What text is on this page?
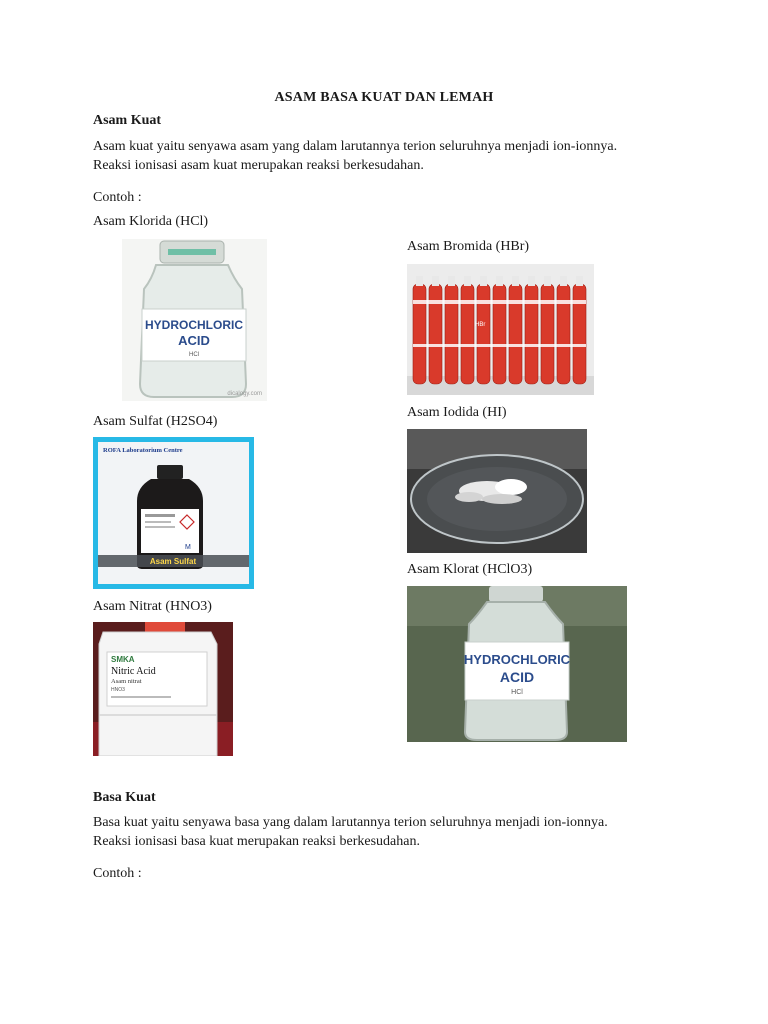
ASAM BASA KUAT DAN LEMAH
Asam Kuat
Asam kuat yaitu senyawa asam yang dalam larutannya terion seluruhnya menjadi ion-ionnya.
Reaksi ionisasi asam kuat merupakan reaksi berkesudahan.
Contoh :
Asam Klorida (HCl)
Asam Bromida (HBr)
Asam Sulfat (H2SO4)
Asam Iodida (HI)
Asam Klorat (HClO3)
Asam Nitrat (HNO3)
HYDROCHLORIC
ACID
HCl
dicalogy.com
HBr
ROFA Laboratorium Centre
M
Asam Sulfat
HYDROCHLORIC
ACID
HCl
SMKA
Nitric Acid
Asam nitrat
HNO3
Basa Kuat
Basa kuat yaitu senyawa basa yang dalam larutannya terion seluruhnya menjadi ion-ionnya.
Reaksi ionisasi basa kuat merupakan reaksi berkesudahan.
Contoh :
